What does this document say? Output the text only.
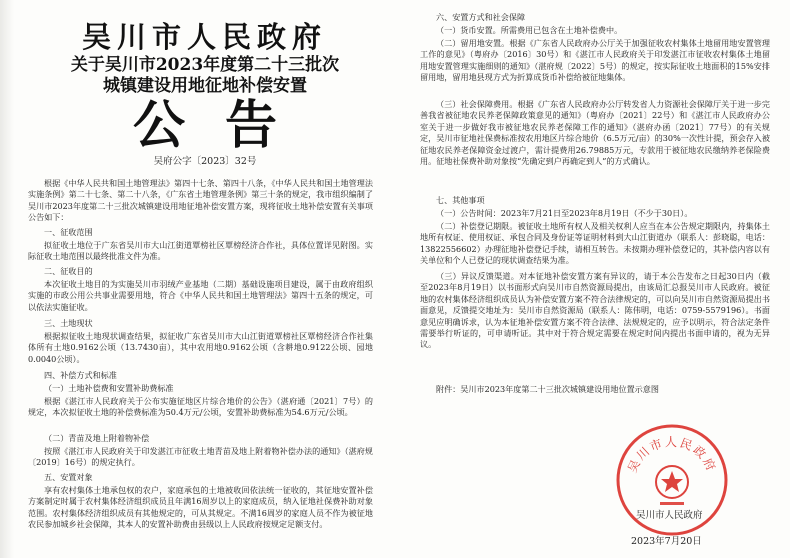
吴川市人民政府
关于吴川市2023年度第二十三批次
城镇建设用地征地补偿安置
公告
吴府公字〔2023〕32号

根据《中华人民共和国土地管理法》第四十七条、第四十八条，《中华人民共和国土地管理法实施条例》第二十七条、第二十八条，《广东省土地管理条例》第三十条的规定，我市组织编制了吴川市2023年度第二十三批次城镇建设用地征地补偿安置方案，现将征收土地补偿安置有关事项公告如下：

一、征收范围

拟征收土地位于广东省吴川市大山江街道覃榜社区覃榜经济合作社，具体位置详见附图。实际征收土地范围以最终批准文件为准。

二、征收目的

本次征收土地目的为实施吴川市羽绒产业基地（二期）基础设施项目建设，属于由政府组织实施的市政公用公共事业需要用地，符合《中华人民共和国土地管理法》第四十五条的规定，可以依法实施征收。

三、土地现状

根据拟征收土地现状调查结果，拟征收广东省吴川市大山江街道覃榜社区覃榜经济合作社集体所有土地0.9162公顷（13.7430亩），其中农用地0.9162公顷（含耕地0.9122公顷、园地0.0040公顷）。

四、补偿方式和标准

（一）土地补偿费和安置补助费标准

根据《湛江市人民政府关于公布实施征地区片综合地价的公告》（湛府通〔2021〕7号）的规定，本次拟征收土地的补偿费标准为50.4万元/公顷，安置补助费标准为54.6万元/公顷。

（二）青苗及地上附着物补偿

按照《湛江市人民政府关于印发湛江市征收土地青苗及地上附着物补偿办法的通知》（湛府规〔2019〕16号）的规定执行。

五、安置对象

享有农村集体土地承包权的农户，家庭承包的土地被收回依法统一征收的，其征地安置补偿方案制定时属于农村集体经济组织成员且年满16周岁以上的家庭成员，纳入征地社保费补助对象范围。农村集体经济组织成员有其他规定的，可从其规定。不满16周岁的家庭人员不作为被征地农民参加城乡社会保障，其本人的安置补助费由县级以上人民政府按规定足额支付。

六、安置方式和社会保障

（一）货币安置。所需费用已包含在土地补偿费中。

（二）留用地安置。根据《广东省人民政府办公厅关于加强征收农村集体土地留用地安置管理工作的意见》（粤府办〔2016〕30号）和《湛江市人民政府关于印发湛江市征收农村集体土地留用地安置管理实施细则的通知》（湛府规〔2022〕5号）的规定，按实际征收土地面积的15%安排留用地，留用地县现方式为折算成货币补偿给被征地集体。

（三）社会保障费用。根据《广东省人民政府办公厅转发省人力资源社会保障厅关于进一步完善我省被征地农民养老保障政策意见的通知》（粤府办〔2021〕22号）和《湛江市人民政府办公室关于进一步做好我市被征地农民养老保障工作的通知》（湛府办函〔2021〕77号）的有关规定，吴川市征地社保费标准按农用地区片综合地价（6.5万元/亩）的30%一次性计提，预会存入被征地农民养老保障资金过渡户，需计提费用26.79885万元，专款用于被征地农民缴纳养老保险费用。征地社保费补助对象按“先确定到户再确定到人”的方式确认。

七、其他事项

（一）公告时间：2023年7月21日至2023年8月19日（不少于30日）。

（二）补偿登记期限。被征收土地所有权人及相关权利人应当在本公告规定期限内，持集体土地所有权证、使用权证、承包合同及身份证等证明材料到大山江街道办（联系人：彭晓聪，电话：13822556602）办理征地补偿登记手续，请相互转告。未按期办理补偿登记的，其补偿内容以有关单位和个人已登记的现状调查结果为准。

（三）异议反馈渠道。对本征地补偿安置方案有异议的，请于本公告发布之日起30日内（截至2023年8月19日）以书面形式向吴川市自然资源局提出，由该局汇总报吴川市人民政府。被征地的农村集体经济组织成员认为补偿安置方案不符合法律规定的，可以向吴川市自然资源局提出书面意见，反馈提交地址为：吴川市自然资源局（联系人：陈伟明，电话：0759-5579196）。书面意见应明确诉求，认为本征地补偿安置方案不符合法律、法规规定的，应予以明示，符合法定条件需要举行听证的，可申请听证。其中对于符合规定需要在规定时间内提出书面申请的，视为无异议。

附件：吴川市2023年度第二十三批次城镇建设用地位置示意图

吴川市人民政府
吴川市人民政府
2023年7月20日
